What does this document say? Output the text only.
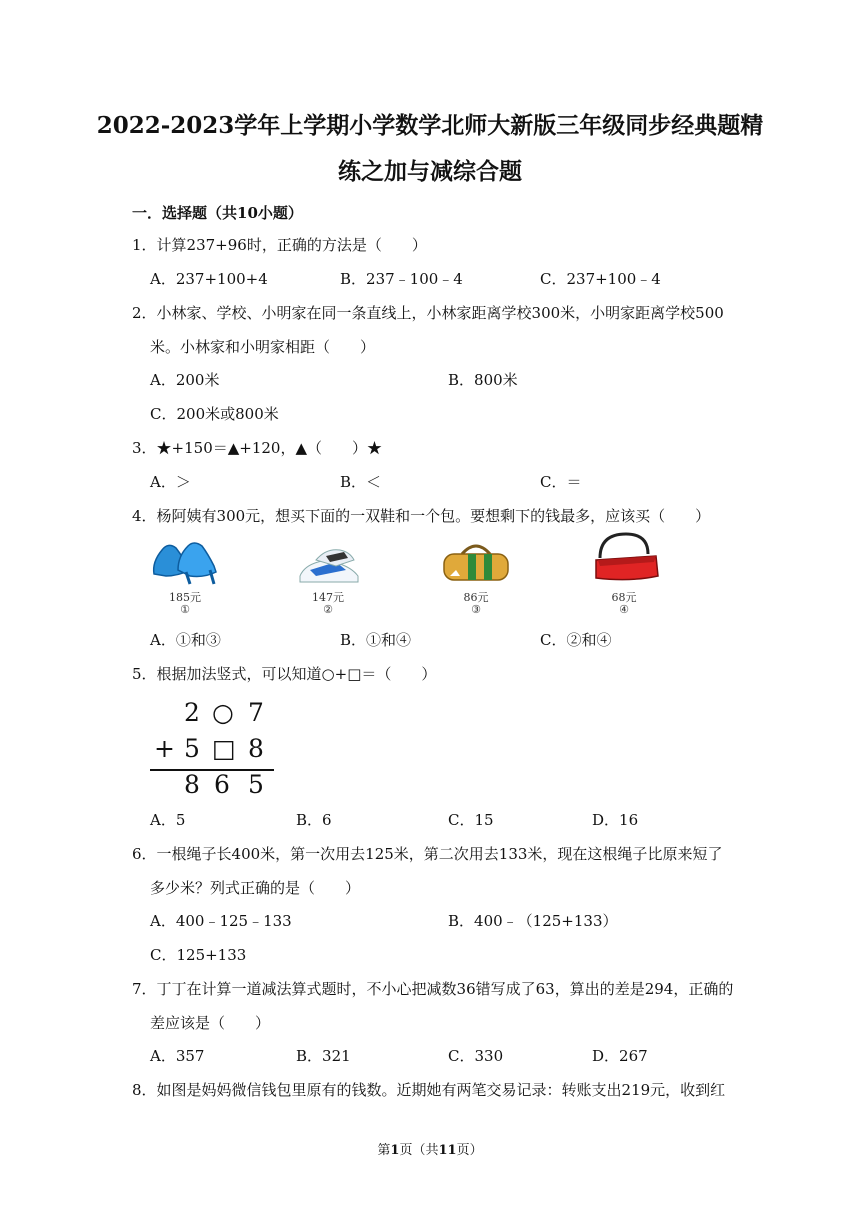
2022-2023学年上学期小学数学北师大新版三年级同步经典题精
练之加与减综合题
一．选择题（共10小题）

1．计算237+96时，正确的方法是（　　）

A．237+100+4	B．237﹣100﹣4	C．237+100﹣4

2．小林家、学校、小明家在同一条直线上，小林家距离学校300米，小明家距离学校500

米。小林家和小明家相距（　　）

A．200米	B．800米
C．200米或800米

3．★+150＝▲+120，▲（　　）★

A．＞	B．＜	C．＝

4．杨阿姨有300元，想买下面的一双鞋和一个包。要想剩下的钱最多，应该买（　　）

185元
①
147元
②
86元
③
68元
④
A．①和③	B．①和④	C．②和④

5．根据加法竖式，可以知道○+□＝（　　）

2 ○ 7
+ 5 □ 8
8 6 5
A．5	B．6	C．15	D．16

6．一根绳子长400米，第一次用去125米，第二次用去133米，现在这根绳子比原来短了

多少米？列式正确的是（　　）

A．400﹣125﹣133	B．400﹣（125+133）
C．125+133

7．丁丁在计算一道减法算式题时，不小心把减数36错写成了63，算出的差是294，正确的

差应该是（　　）

A．357	B．321	C．330	D．267

8．如图是妈妈微信钱包里原有的钱数。近期她有两笔交易记录：转账支出219元，收到红

第1页（共11页）
